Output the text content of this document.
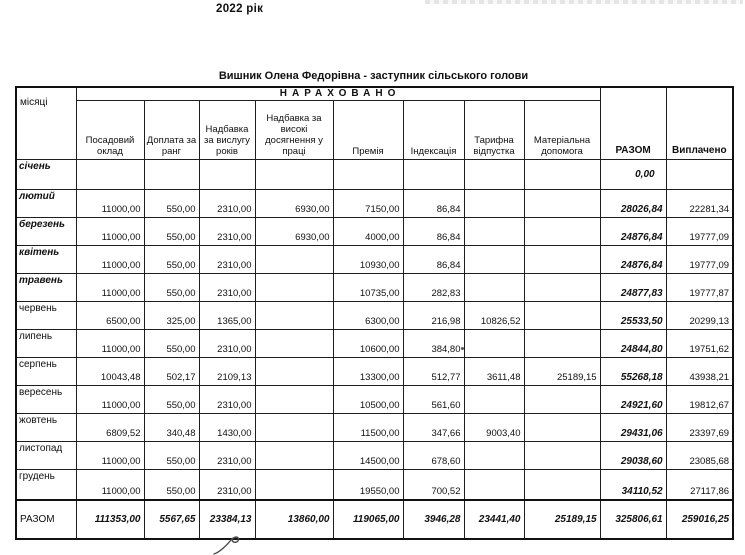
2022 рік
Вишник Олена Федорівна - заступник сільського голови
місяці	НАРАХОВАНО								РАЗОМ	Виплачено
	Посадовий оклад	Доплата за ранг	Надбавка за вислугу років	Надбавка за високі досягнення у праці	Премія	Індексація	Тарифна відпустка	Матеріальна допомога		
січень									0,00	
лютий	11000,00	550,00	2310,00	6930,00	7150,00	86,84			28026,84	22281,34
березень	11000,00	550,00	2310,00	6930,00	4000,00	86,84			24876,84	19777,09
квітень	11000,00	550,00	2310,00		10930,00	86,84			24876,84	19777,09
травень	11000,00	550,00	2310,00		10735,00	282,83			24877,83	19777,87
червень	6500,00	325,00	1365,00		6300,00	216,98	10826,52		25533,50	20299,13
липень	11000,00	550,00	2310,00		10600,00	384,80			24844,80	19751,62
серпень	10043,48	502,17	2109,13		13300,00	512,77	3611,48	25189,15	55268,18	43938,21
вересень	11000,00	550,00	2310,00		10500,00	561,60			24921,60	19812,67
жовтень	6809,52	340,48	1430,00		11500,00	347,66	9003,40		29431,06	23397,69
листопад	11000,00	550,00	2310,00		14500,00	678,60			29038,60	23085,68
грудень	11000,00	550,00	2310,00		19550,00	700,52			34110,52	27117,86
РАЗОМ	111353,00	5567,65	23384,13	13860,00	119065,00	3946,28	23441,40	25189,15	325806,61	259016,25
